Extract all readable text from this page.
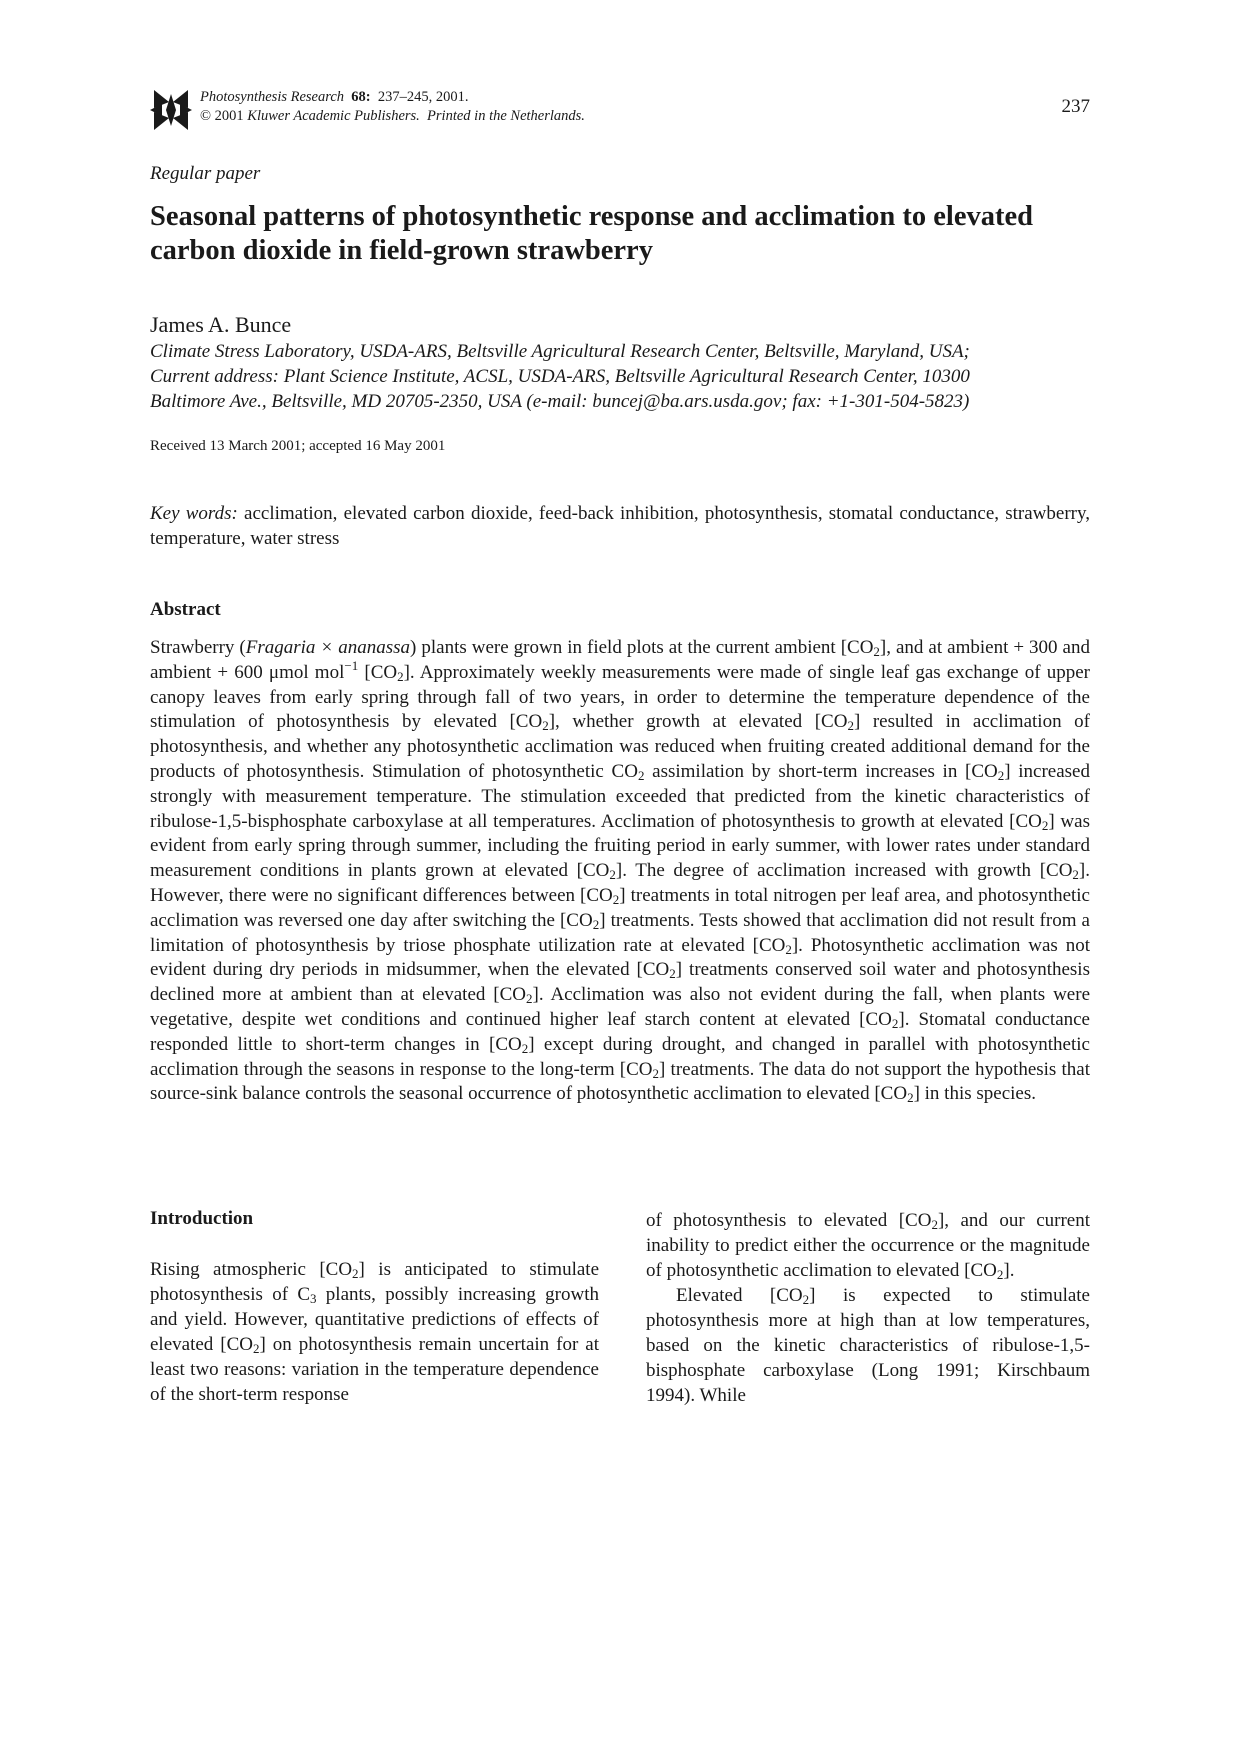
Photosynthesis Research 68: 237–245, 2001.
© 2001 Kluwer Academic Publishers. Printed in the Netherlands.	237
Regular paper
Seasonal patterns of photosynthetic response and acclimation to elevated carbon dioxide in field-grown strawberry
James A. Bunce
Climate Stress Laboratory, USDA-ARS, Beltsville Agricultural Research Center, Beltsville, Maryland, USA;
Current address: Plant Science Institute, ACSL, USDA-ARS, Beltsville Agricultural Research Center, 10300
Baltimore Ave., Beltsville, MD 20705-2350, USA (e-mail: buncej@ba.ars.usda.gov; fax: +1-301-504-5823)
Received 13 March 2001; accepted 16 May 2001
Key words: acclimation, elevated carbon dioxide, feed-back inhibition, photosynthesis, stomatal conductance, strawberry, temperature, water stress
Abstract

Strawberry (Fragaria × ananassa) plants were grown in field plots at the current ambient $[CO_2]$, and at ambient + 300 and ambient + 600 μmol mol$^{-1}$ $[CO_2]$. Approximately weekly measurements were made of single leaf gas exchange of upper canopy leaves from early spring through fall of two years, in order to determine the temperature dependence of the stimulation of photosynthesis by elevated $[CO_2]$, whether growth at elevated $[CO_2]$ resulted in acclimation of photosynthesis, and whether any photosynthetic acclimation was reduced when fruiting created additional demand for the products of photosynthesis. Stimulation of photosynthetic $CO_2$ assimilation by short-term increases in $[CO_2]$ increased strongly with measurement temperature. The stimulation exceeded that predicted from the kinetic characteristics of ribulose-1,5-bisphosphate carboxylase at all temperatures. Acclimation of photosynthesis to growth at elevated $[CO_2]$ was evident from early spring through summer, including the fruiting period in early summer, with lower rates under standard measurement conditions in plants grown at elevated $[CO_2]$. The degree of acclimation increased with growth $[CO_2]$. However, there were no significant differences between $[CO_2]$ treatments in total nitrogen per leaf area, and photosynthetic acclimation was reversed one day after switching the $[CO_2]$ treatments. Tests showed that acclimation did not result from a limitation of photosynthesis by triose phosphate utilization rate at elevated $[CO_2]$. Photosynthetic acclimation was not evident during dry periods in midsummer, when the elevated $[CO_2]$ treatments conserved soil water and photosynthesis declined more at ambient than at elevated $[CO_2]$. Acclimation was also not evident during the fall, when plants were vegetative, despite wet conditions and continued higher leaf starch content at elevated $[CO_2]$. Stomatal conductance responded little to short-term changes in $[CO_2]$ except during drought, and changed in parallel with photosynthetic acclimation through the seasons in response to the long-term $[CO_2]$ treatments. The data do not support the hypothesis that source-sink balance controls the seasonal occurrence of photosynthetic acclimation to elevated $[CO_2]$ in this species.

Introduction

Rising atmospheric $[CO_2]$ is anticipated to stimulate photosynthesis of $C_3$ plants, possibly increasing growth and yield. However, quantitative predictions of effects of elevated $[CO_2]$ on photosynthesis remain uncertain for at least two reasons: variation in the temperature dependence of the short-term response

of photosynthesis to elevated $[CO_2]$, and our current inability to predict either the occurrence or the magnitude of photosynthetic acclimation to elevated $[CO_2]$.

Elevated $[CO_2]$ is expected to stimulate photosynthesis more at high than at low temperatures, based on the kinetic characteristics of ribulose-1,5-bisphosphate carboxylase (Long 1991; Kirschbaum 1994). While
